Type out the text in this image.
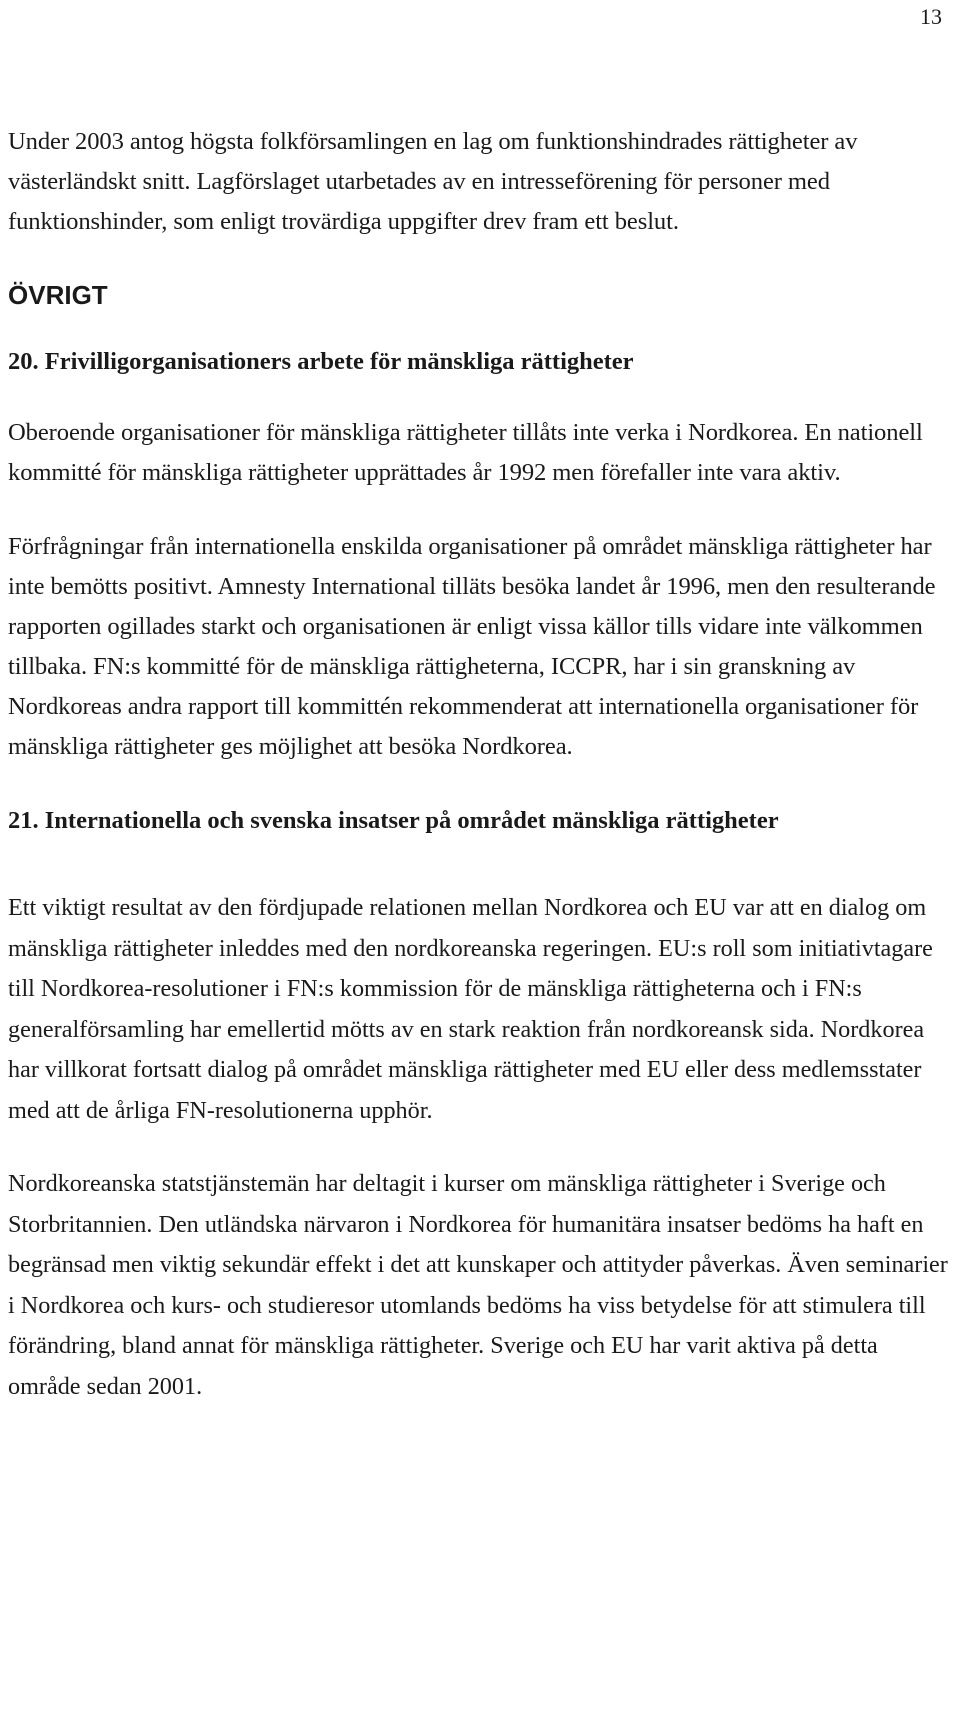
13

Under 2003 antog högsta folkförsamlingen en lag om funktionshindrades rättigheter av västerländskt snitt. Lagförslaget utarbetades av en intresseförening för personer med funktionshinder, som enligt trovärdiga uppgifter drev fram ett beslut.

ÖVRIGT
20. Frivilligorganisationers arbete för mänskliga rättigheter

Oberoende organisationer för mänskliga rättigheter tillåts inte verka i Nordkorea. En nationell kommitté för mänskliga rättigheter upprättades år 1992 men förefaller inte vara aktiv.

Förfrågningar från internationella enskilda organisationer på området mänskliga rättigheter har inte bemötts positivt. Amnesty International tilläts besöka landet år 1996, men den resulterande rapporten ogillades starkt och organisationen är enligt vissa källor tills vidare inte välkommen tillbaka. FN:s kommitté för de mänskliga rättigheterna, ICCPR, har i sin granskning av Nordkoreas andra rapport till kommittén rekommenderat att internationella organisationer för mänskliga rättigheter ges möjlighet att besöka Nordkorea.

21. Internationella och svenska insatser på området mänskliga rättigheter

Ett viktigt resultat av den fördjupade relationen mellan Nordkorea och EU var att en dialog om mänskliga rättigheter inleddes med den nordkoreanska regeringen. EU:s roll som initiativtagare till Nordkorea-resolutioner i FN:s kommission för de mänskliga rättigheterna och i FN:s generalförsamling har emellertid mötts av en stark reaktion från nordkoreansk sida. Nordkorea har villkorat fortsatt dialog på området mänskliga rättigheter med EU eller dess medlemsstater med att de årliga FN-resolutionerna upphör.

Nordkoreanska statstjänstemän har deltagit i kurser om mänskliga rättigheter i Sverige och Storbritannien. Den utländska närvaron i Nordkorea för humanitära insatser bedöms ha haft en begränsad men viktig sekundär effekt i det att kunskaper och attityder påverkas. Även seminarier i Nordkorea och kurs- och studieresor utomlands bedöms ha viss betydelse för att stimulera till förändring, bland annat för mänskliga rättigheter. Sverige och EU har varit aktiva på detta område sedan 2001.
